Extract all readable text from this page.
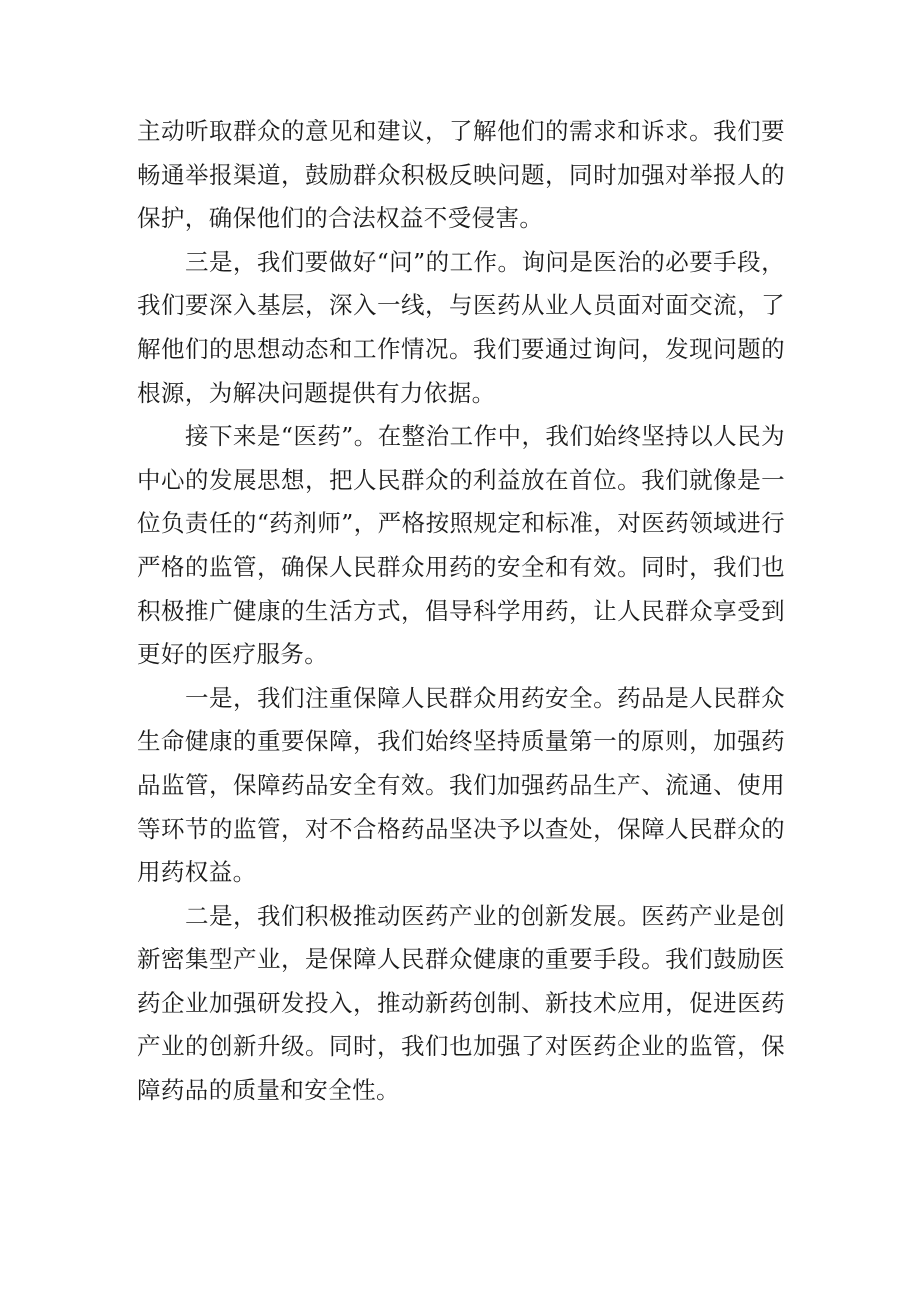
主动听取群众的意见和建议，了解他们的需求和诉求。我们要畅通举报渠道，鼓励群众积极反映问题，同时加强对举报人的保护，确保他们的合法权益不受侵害。

三是，我们要做好“问”的工作。询问是医治的必要手段，我们要深入基层，深入一线，与医药从业人员面对面交流，了解他们的思想动态和工作情况。我们要通过询问，发现问题的根源，为解决问题提供有力依据。

接下来是“医药”。在整治工作中，我们始终坚持以人民为中心的发展思想，把人民群众的利益放在首位。我们就像是一位负责任的“药剂师”，严格按照规定和标准，对医药领域进行严格的监管，确保人民群众用药的安全和有效。同时，我们也积极推广健康的生活方式，倡导科学用药，让人民群众享受到更好的医疗服务。

一是，我们注重保障人民群众用药安全。药品是人民群众生命健康的重要保障，我们始终坚持质量第一的原则，加强药品监管，保障药品安全有效。我们加强药品生产、流通、使用等环节的监管，对不合格药品坚决予以查处，保障人民群众的用药权益。

二是，我们积极推动医药产业的创新发展。医药产业是创新密集型产业，是保障人民群众健康的重要手段。我们鼓励医药企业加强研发投入，推动新药创制、新技术应用，促进医药产业的创新升级。同时，我们也加强了对医药企业的监管，保障药品的质量和安全性。
